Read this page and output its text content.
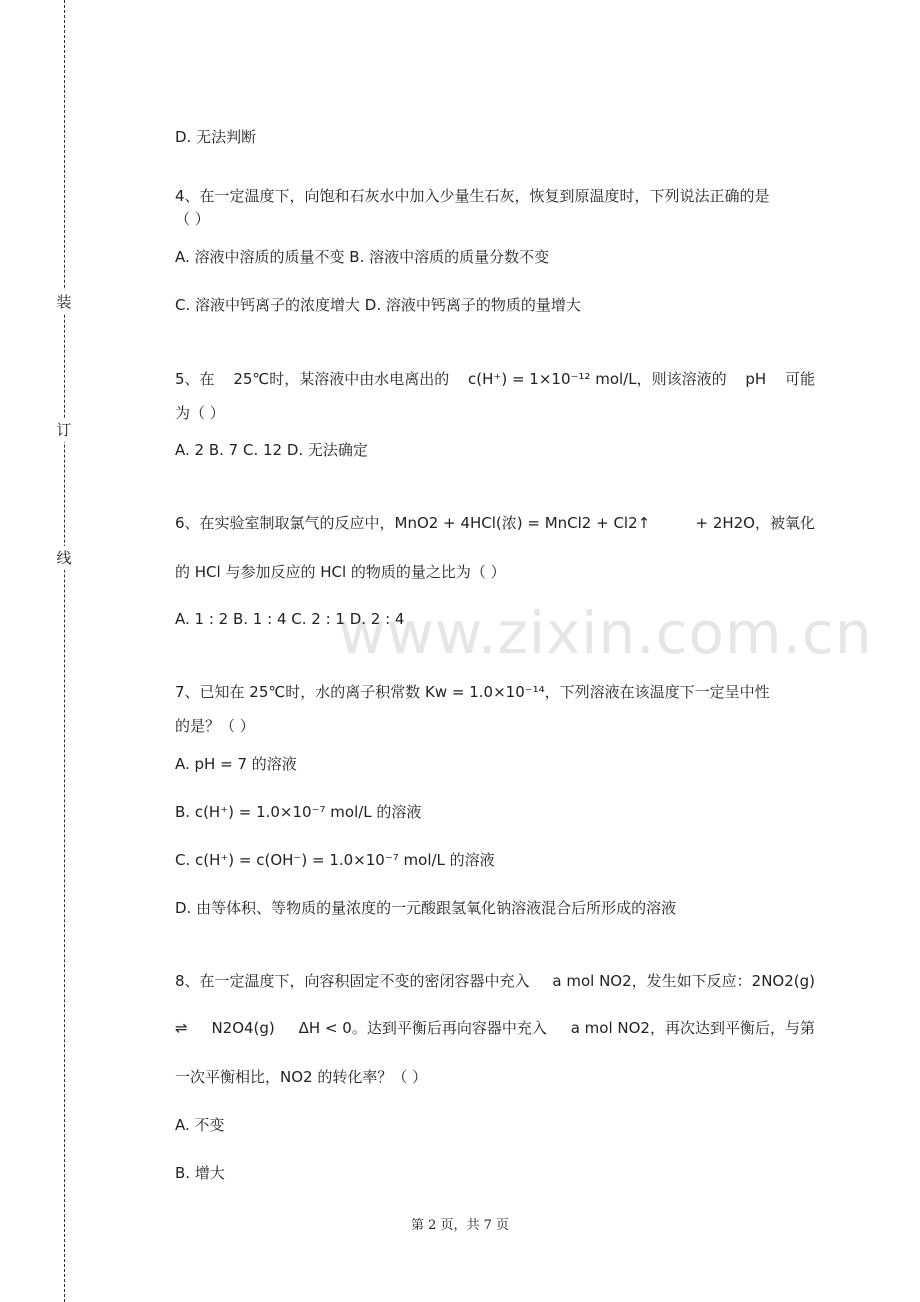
装
订
线
www.zixin.com.cn
D. 无法判断
4、在一定温度下，向饱和石灰水中加入少量生石灰，恢复到原温度时，下列说法正确的是
（ ）
A. 溶液中溶质的质量不变 B. 溶液中溶质的质量分数不变
C. 溶液中钙离子的浓度增大 D. 溶液中钙离子的物质的量增大
5、在 25℃时，某溶液中由水电离出的 c(H⁺) = 1×10⁻¹² mol/L，则该溶液的 pH 可能
为（ ）
A. 2 B. 7 C. 12 D. 无法确定
6、在实验室制取氯气的反应中，MnO2 + 4HCl(浓) = MnCl2 + Cl2↑	+ 2H2O，被氧化
的 HCl 与参加反应的 HCl 的物质的量之比为（ ）
A. 1 : 2 B. 1 : 4 C. 2 : 1 D. 2 : 4
7、已知在 25℃时，水的离子积常数 Kw = 1.0×10⁻¹⁴，下列溶液在该温度下一定呈中性
的是？（ ）
A. pH = 7 的溶液
B. c(H⁺) = 1.0×10⁻⁷ mol/L 的溶液
C. c(H⁺) = c(OH⁻) = 1.0×10⁻⁷ mol/L 的溶液
D. 由等体积、等物质的量浓度的一元酸跟氢氧化钠溶液混合后所形成的溶液
8、在一定温度下，向容积固定不变的密闭容器中充入 a mol NO2，发生如下反应：2NO2(g)
⇌ N2O4(g) ΔH < 0。达到平衡后再向容器中充入 a mol NO2，再次达到平衡后，与第
一次平衡相比，NO2 的转化率？（ ）
A. 不变
B. 增大
第 2 页，共 7 页
